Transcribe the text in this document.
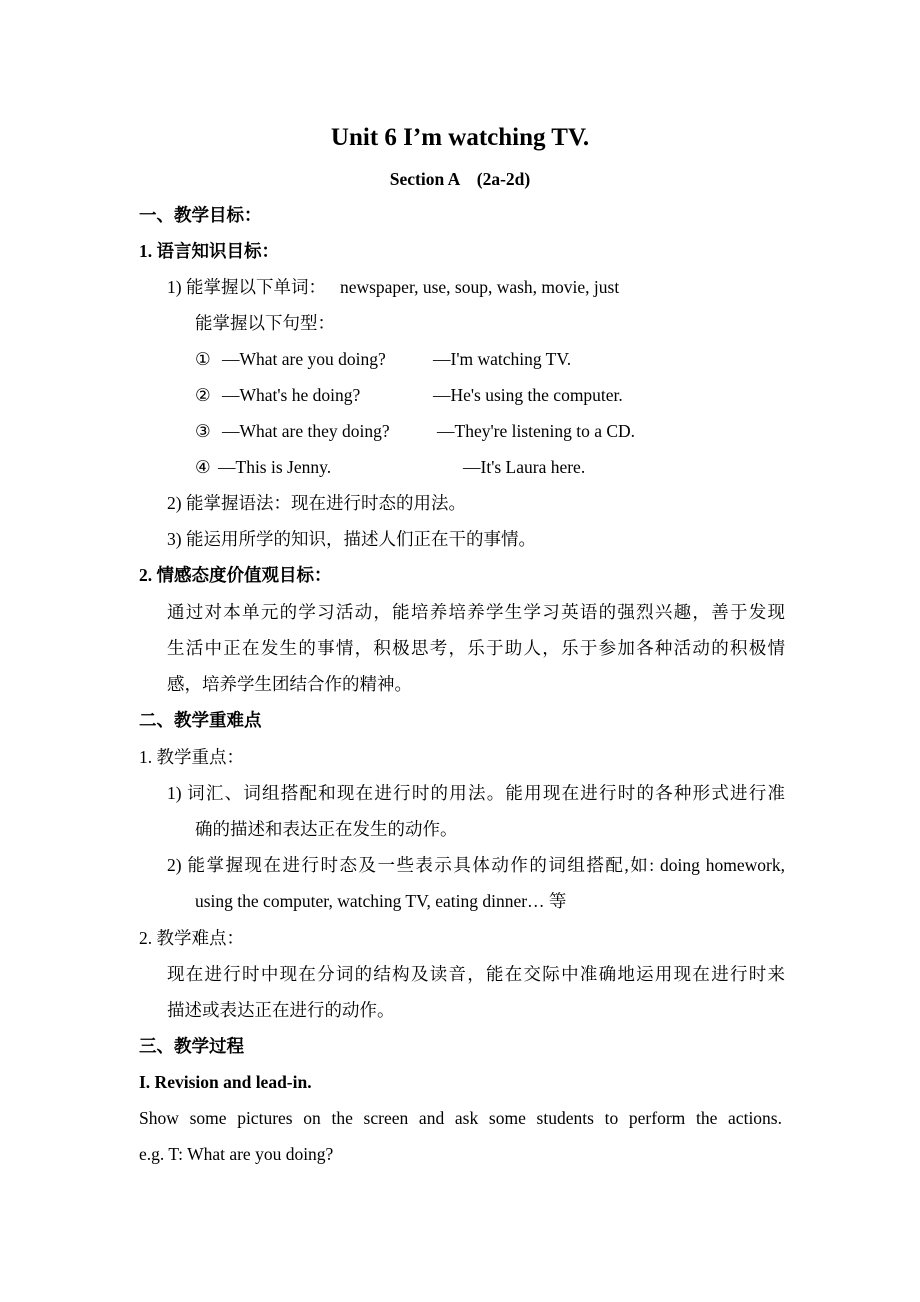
Unit 6 I’m watching TV.
Section A    (2a-2d)
一、教学目标：
1. 语言知识目标：
1) 能掌握以下单词： newspaper, use, soup, wash, movie, just
能掌握以下句型：
① —What are you doing?	—I'm watching TV.
② —What's he doing?	—He's using the computer.
③ —What are they doing?	—They're listening to a CD.
④ —This is Jenny.	—It's Laura here.
2) 能掌握语法：现在进行时态的用法。
3) 能运用所学的知识，描述人们正在干的事情。
2. 情感态度价值观目标：
通过对本单元的学习活动，能培养培养学生学习英语的强烈兴趣，善于发现
生活中正在发生的事情，积极思考，乐于助人，乐于参加各种活动的积极情
感，培养学生团结合作的精神。
二、教学重难点
1. 教学重点：
1) 词汇、词组搭配和现在进行时的用法。能用现在进行时的各种形式进行准
确的描述和表达正在发生的动作。
2) 能掌握现在进行时态及一些表示具体动作的词组搭配,如: doing homework,
using the computer, watching TV, eating dinner… 等
2. 教学难点：
现在进行时中现在分词的结构及读音，能在交际中准确地运用现在进行时来
描述或表达正在进行的动作。
三、教学过程
I. Revision and lead-in.
Show some pictures on the screen and ask some students to perform the actions.
e.g. T: What are you doing?
